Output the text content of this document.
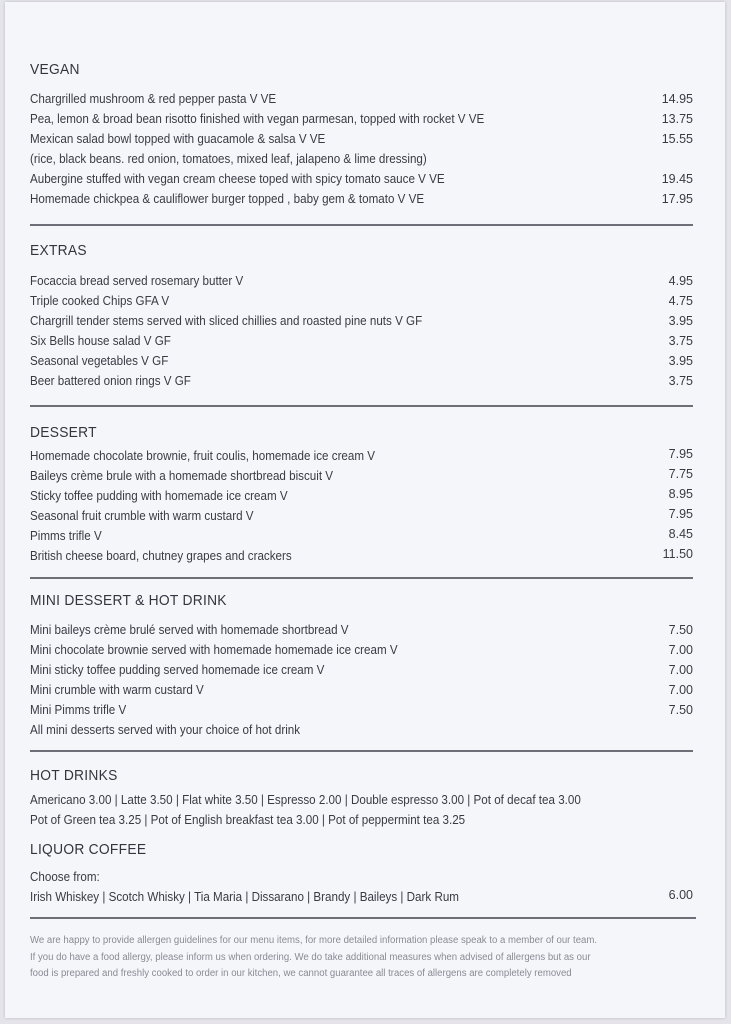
VEGAN
Chargrilled mushroom & red pepper pasta V VE	14.95
Pea, lemon & broad bean risotto finished with vegan parmesan, topped with rocket V VE	13.75
Mexican salad bowl topped with guacamole & salsa V VE	15.55
(rice, black beans. red onion, tomatoes, mixed leaf, jalapeno & lime dressing)
Aubergine stuffed with vegan cream cheese toped with spicy tomato sauce V VE	19.45
Homemade chickpea & cauliflower burger topped , baby gem & tomato V VE	17.95
EXTRAS
Focaccia bread served rosemary butter V	4.95
Triple cooked Chips GFA V	4.75
Chargrill tender stems served with sliced chillies and roasted pine nuts V GF	3.95
Six Bells house salad V GF	3.75
Seasonal vegetables V GF	3.95
Beer battered onion rings V GF	3.75
DESSERT
Homemade chocolate brownie, fruit coulis, homemade ice cream V	7.95
Baileys crème brule with a homemade shortbread biscuit V	7.75
Sticky toffee pudding with homemade ice cream V	8.95
Seasonal fruit crumble with warm custard V	7.95
Pimms trifle V	8.45
British cheese board, chutney grapes and crackers	11.50
MINI DESSERT & HOT DRINK
Mini baileys crème brulé served with homemade shortbread V	7.50
Mini chocolate brownie served with homemade homemade ice cream V	7.00
Mini sticky toffee pudding served homemade ice cream V	7.00
Mini crumble with warm custard V	7.00
Mini Pimms trifle V	7.50
All mini desserts served with your choice of hot drink
HOT DRINKS
Americano 3.00 | Latte 3.50 | Flat white 3.50 | Espresso 2.00 | Double espresso 3.00 | Pot of decaf tea 3.00
Pot of Green tea 3.25 | Pot of English breakfast tea 3.00 | Pot of peppermint tea 3.25
LIQUOR COFFEE
Choose from:
Irish Whiskey | Scotch Whisky | Tia Maria | Dissarano | Brandy | Baileys | Dark Rum	6.00
We are happy to provide allergen guidelines for our menu items, for more detailed information please speak to a member of our team.
If you do have a food allergy, please inform us when ordering. We do take additional measures when advised of allergens but as our
food is prepared and freshly cooked to order in our kitchen, we cannot guarantee all traces of allergens are completely removed
